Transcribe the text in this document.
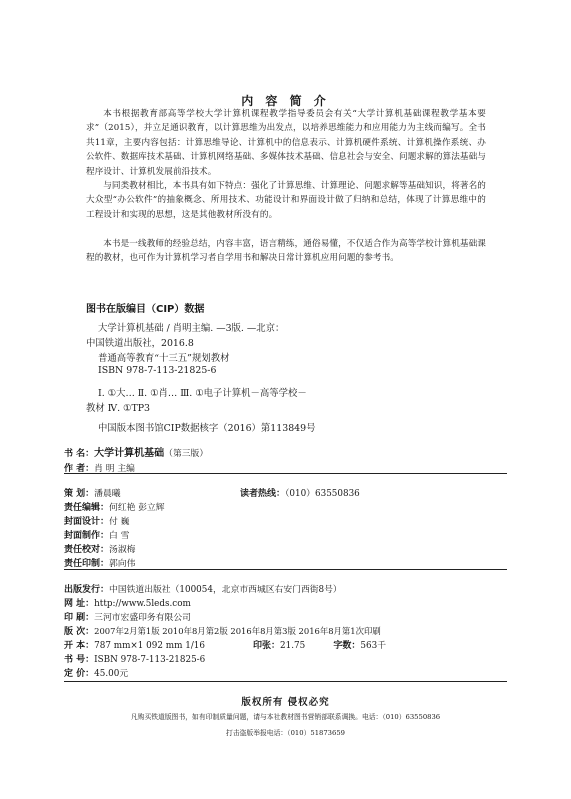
内 容 简 介

本书根据教育部高等学校大学计算机课程教学指导委员会有关“大学计算机基础课程教学基本要求”（2015），并立足通识教育，以计算思维为出发点，以培养思维能力和应用能力为主线而编写。全书共11章，主要内容包括：计算思维导论、计算机中的信息表示、计算机硬件系统、计算机操作系统、办公软件、数据库技术基础、计算机网络基础、多媒体技术基础、信息社会与安全、问题求解的算法基础与程序设计、计算机发展前沿技术。

与同类教材相比，本书具有如下特点：强化了计算思维、计算理论、问题求解等基础知识，将著名的大众型“办公软件”的抽象概念、所用技术、功能设计和界面设计做了归纳和总结，体现了计算思维中的工程设计和实现的思想，这是其他教材所没有的。

本书是一线教师的经验总结，内容丰富，语言精练，通俗易懂，不仅适合作为高等学校计算机基础课程的教材，也可作为计算机学习者自学用书和解决日常计算机应用问题的参考书。

图书在版编目（CIP）数据
大学计算机基础 / 肖明主编. —3版. —北京：
中国铁道出版社，2016.8
普通高等教育“十三五”规划教材
ISBN 978-7-113-21825-6
Ⅰ. ①大… Ⅱ. ①肖… Ⅲ. ①电子计算机－高等学校－
教材 Ⅳ. ①TP3
中国版本图书馆CIP数据核字（2016）第113849号
书 名：大学计算机基础（第三版）
作 者：肖 明 主编
策 划：潘晨曦	读者热线：（010）63550836
责任编辑：何红艳 彭立辉
封面设计：付 巍
封面制作：白 雪
责任校对：汤淑梅
责任印制：郭向伟
出版发行：中国铁道出版社（100054，北京市西城区右安门西街8号）
网 址：http://www.5leds.com
印 刷：三河市宏盛印务有限公司
版 次：2007年2月第1版 2010年8月第2版 2016年8月第3版 2016年8月第1次印刷
开 本：787 mm×1 092 mm 1/16	印张：21.75	字数：563千
书 号：ISBN 978-7-113-21825-6
定 价：45.00元
版权所有 侵权必究
凡购买铁道版图书，如有印制质量问题，请与本社教材图书营销部联系调换。电话：（010）63550836
打击盗版举报电话：（010）51873659
